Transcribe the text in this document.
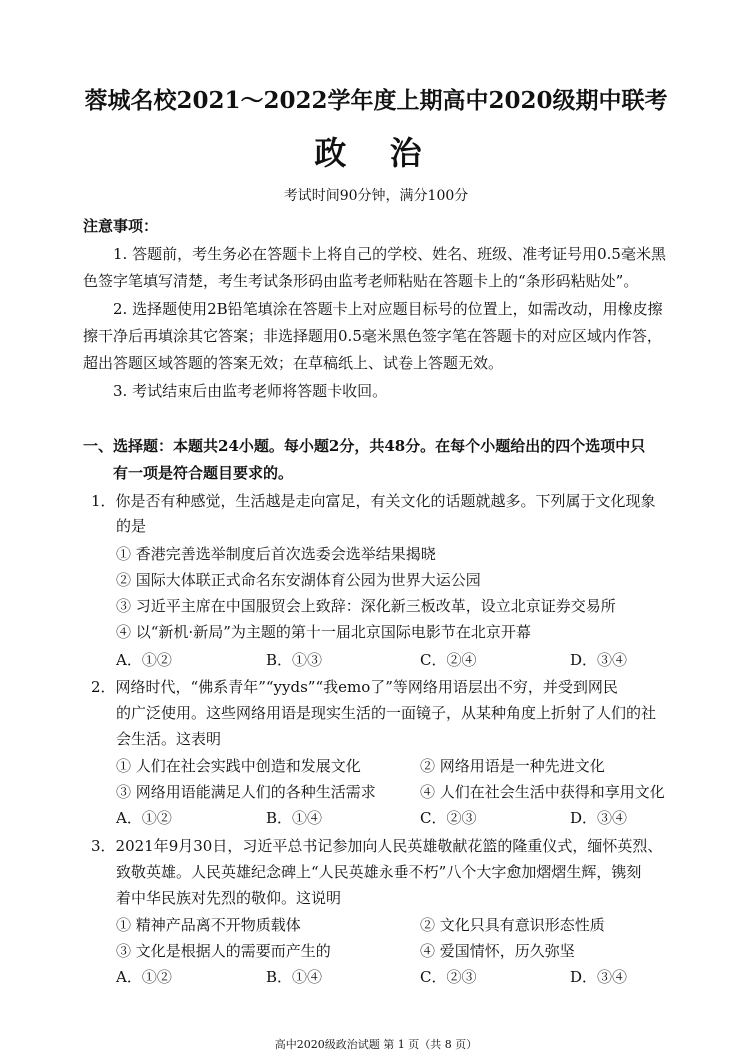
蓉城名校2021～2022学年度上期高中2020级期中联考
政 治
考试时间90分钟，满分100分
注意事项：
1. 答题前，考生务必在答题卡上将自己的学校、姓名、班级、准考证号用0.5毫米黑
色签字笔填写清楚，考生考试条形码由监考老师粘贴在答题卡上的“条形码粘贴处”。
2. 选择题使用2B铅笔填涂在答题卡上对应题目标号的位置上，如需改动，用橡皮擦
擦干净后再填涂其它答案；非选择题用0.5毫米黑色签字笔在答题卡的对应区域内作答，
超出答题区域答题的答案无效；在草稿纸上、试卷上答题无效。
3. 考试结束后由监考老师将答题卡收回。
一、选择题：本题共24小题。每小题2分，共48分。在每个小题给出的四个选项中只
有一项是符合题目要求的。
1．你是否有种感觉，生活越是走向富足，有关文化的话题就越多。下列属于文化现象
的是
① 香港完善选举制度后首次选委会选举结果揭晓
② 国际大体联正式命名东安湖体育公园为世界大运公园
③ 习近平主席在中国服贸会上致辞：深化新三板改革，设立北京证券交易所
④ 以“新机·新局”为主题的第十一届北京国际电影节在北京开幕
A．①②	B．①③	C．②④	D．③④
2．网络时代，“佛系青年”“yyds”“我emo了”等网络用语层出不穷，并受到网民
的广泛使用。这些网络用语是现实生活的一面镜子，从某种角度上折射了人们的社
会生活。这表明
① 人们在社会实践中创造和发展文化	② 网络用语是一种先进文化
③ 网络用语能满足人们的各种生活需求	④ 人们在社会生活中获得和享用文化
A．①②	B．①④	C．②③	D．③④
3．2021年9月30日，习近平总书记参加向人民英雄敬献花篮的隆重仪式，缅怀英烈、
致敬英雄。人民英雄纪念碑上“人民英雄永垂不朽”八个大字愈加熠熠生辉，镌刻
着中华民族对先烈的敬仰。这说明
① 精神产品离不开物质载体	② 文化只具有意识形态性质
③ 文化是根据人的需要而产生的	④ 爱国情怀，历久弥坚
A．①②	B．①④	C．②③	D．③④
高中2020级政治试题 第 1 页（共 8 页）
